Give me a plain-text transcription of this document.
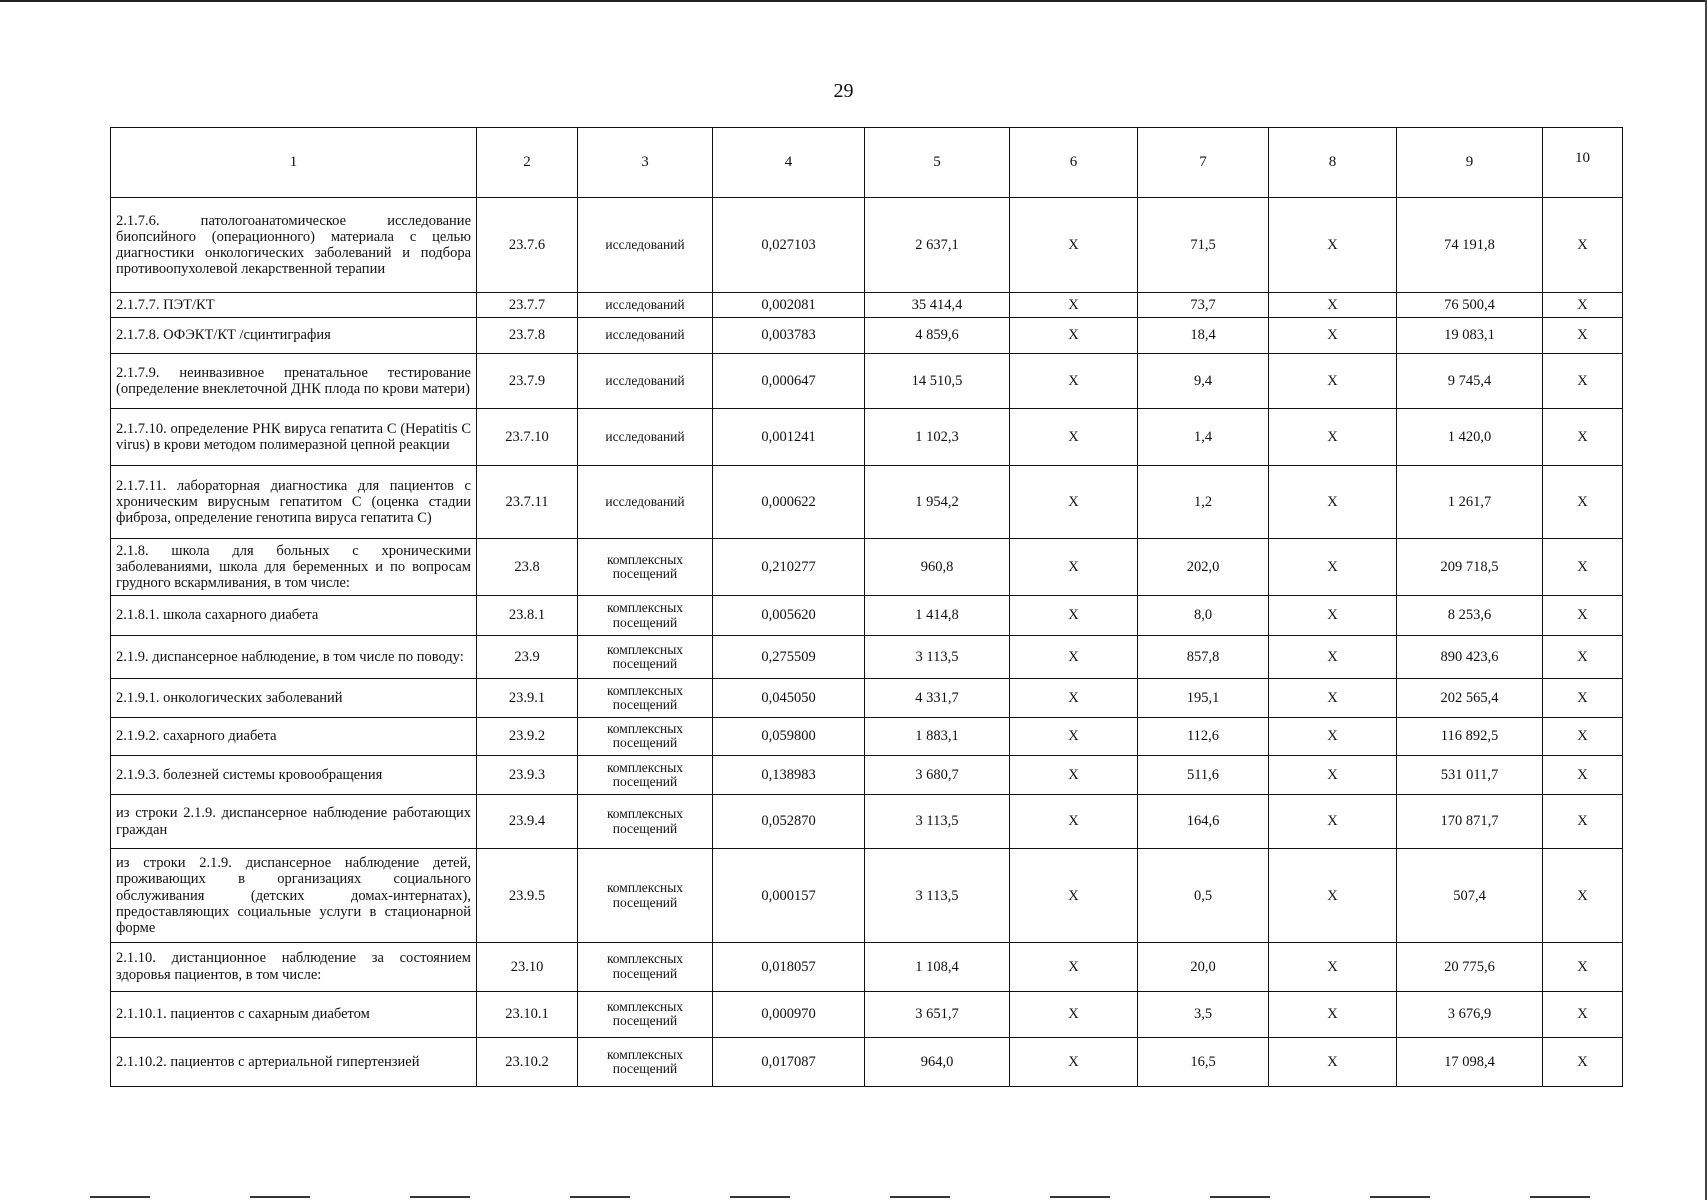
29
1	2	3	4	5	6	7	8	9	10
2.1.7.6. патологоанатомическое исследование биопсийного (операционного) материала с целью диагностики онкологических заболеваний и подбора противоопухолевой лекарственной терапии	23.7.6	исследований	0,027103	2 637,1	X	71,5	X	74 191,8	X
2.1.7.7. ПЭТ/КТ	23.7.7	исследований	0,002081	35 414,4	X	73,7	X	76 500,4	X
2.1.7.8. ОФЭКТ/КТ /сцинтиграфия	23.7.8	исследований	0,003783	4 859,6	X	18,4	X	19 083,1	X
2.1.7.9. неинвазивное пренатальное тестирование (определение внеклеточной ДНК плода по крови матери)	23.7.9	исследований	0,000647	14 510,5	X	9,4	X	9 745,4	X
2.1.7.10. определение РНК вируса гепатита С (Hepatitis C virus) в крови методом полимеразной цепной реакции	23.7.10	исследований	0,001241	1 102,3	X	1,4	X	1 420,0	X
2.1.7.11. лабораторная диагностика для пациентов с хроническим вирусным гепатитом С (оценка стадии фиброза, определение генотипа вируса гепатита С)	23.7.11	исследований	0,000622	1 954,2	X	1,2	X	1 261,7	X
2.1.8. школа для больных с хроническими заболеваниями, школа для беременных и по вопросам грудного вскармливания, в том числе:	23.8	комплексных посещений	0,210277	960,8	X	202,0	X	209 718,5	X
2.1.8.1. школа сахарного диабета	23.8.1	комплексных посещений	0,005620	1 414,8	X	8,0	X	8 253,6	X
2.1.9. диспансерное наблюдение, в том числе по поводу:	23.9	комплексных посещений	0,275509	3 113,5	X	857,8	X	890 423,6	X
2.1.9.1. онкологических заболеваний	23.9.1	комплексных посещений	0,045050	4 331,7	X	195,1	X	202 565,4	X
2.1.9.2. сахарного диабета	23.9.2	комплексных посещений	0,059800	1 883,1	X	112,6	X	116 892,5	X
2.1.9.3. болезней системы кровообращения	23.9.3	комплексных посещений	0,138983	3 680,7	X	511,6	X	531 011,7	X
из строки 2.1.9. диспансерное наблюдение работающих граждан	23.9.4	комплексных посещений	0,052870	3 113,5	X	164,6	X	170 871,7	X
из строки 2.1.9. диспансерное наблюдение детей, проживающих в организациях социального обслуживания (детских домах-интернатах), предоставляющих социальные услуги в стационарной форме	23.9.5	комплексных посещений	0,000157	3 113,5	X	0,5	X	507,4	X
2.1.10. дистанционное наблюдение за состоянием здоровья пациентов, в том числе:	23.10	комплексных посещений	0,018057	1 108,4	X	20,0	X	20 775,6	X
2.1.10.1. пациентов с сахарным диабетом	23.10.1	комплексных посещений	0,000970	3 651,7	X	3,5	X	3 676,9	X
2.1.10.2. пациентов с артериальной гипертензией	23.10.2	комплексных посещений	0,017087	964,0	X	16,5	X	17 098,4	X
